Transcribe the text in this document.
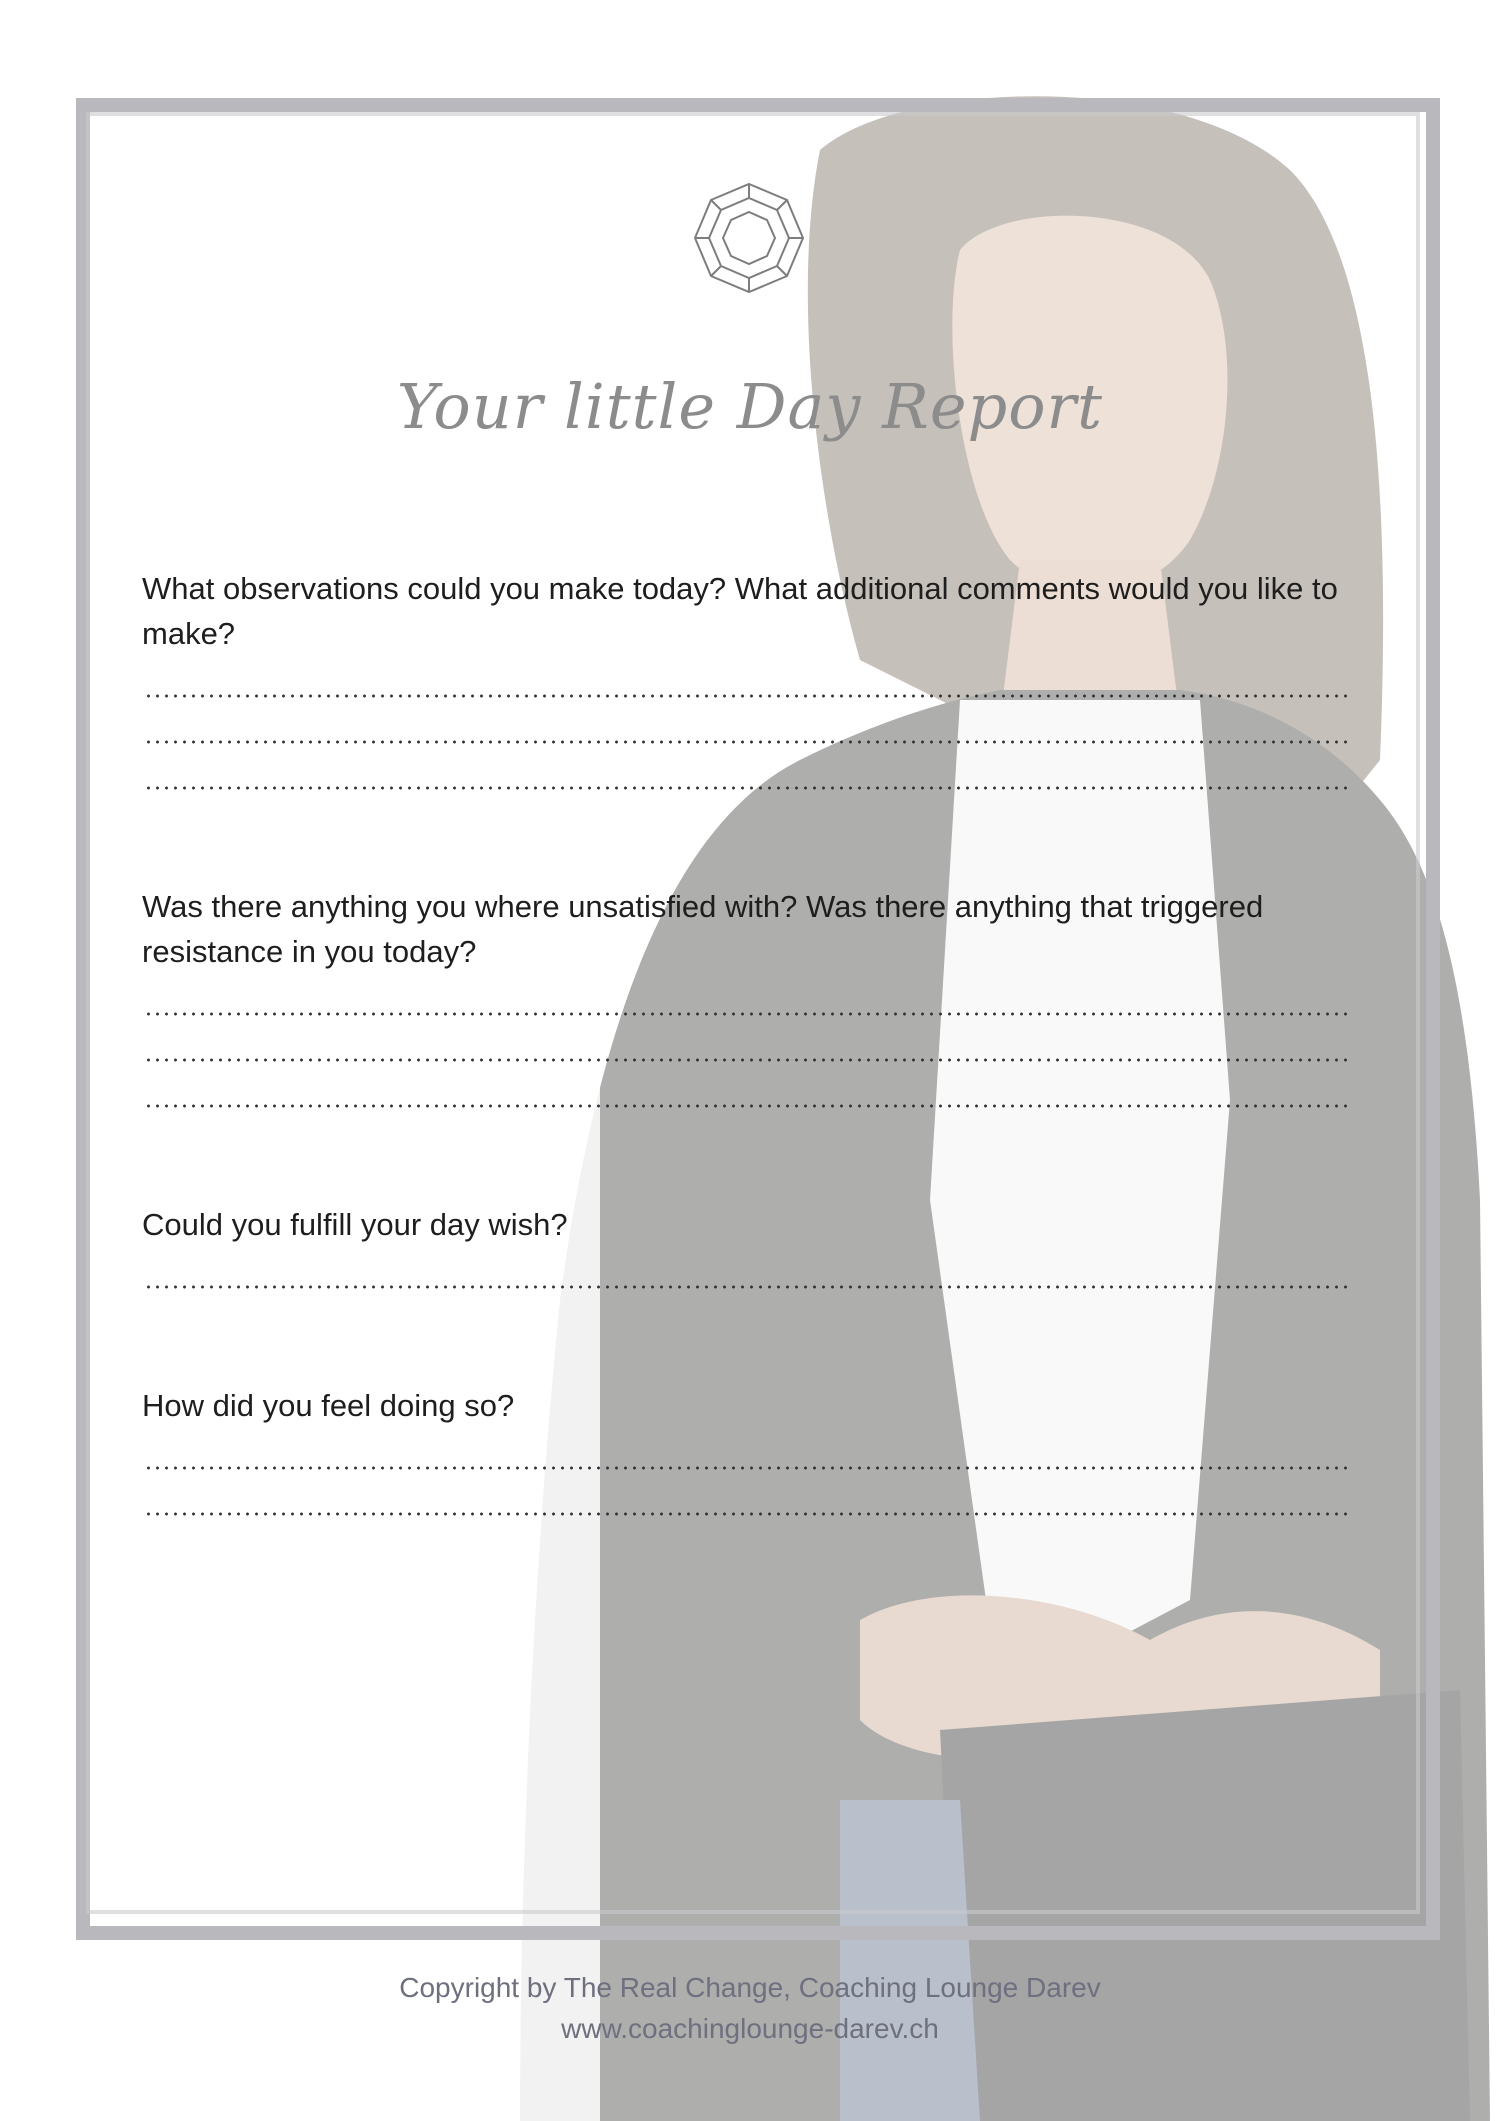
Your little Day Report

What observations could you make today? What additional comments would you like to make?

Was there anything you where unsatisfied with? Was there anything that triggered resistance in you today?

Could you fulfill your day wish?

How did you feel doing so?

Copyright by The Real Change, Coaching Lounge Darev
www.coachinglounge-darev.ch
